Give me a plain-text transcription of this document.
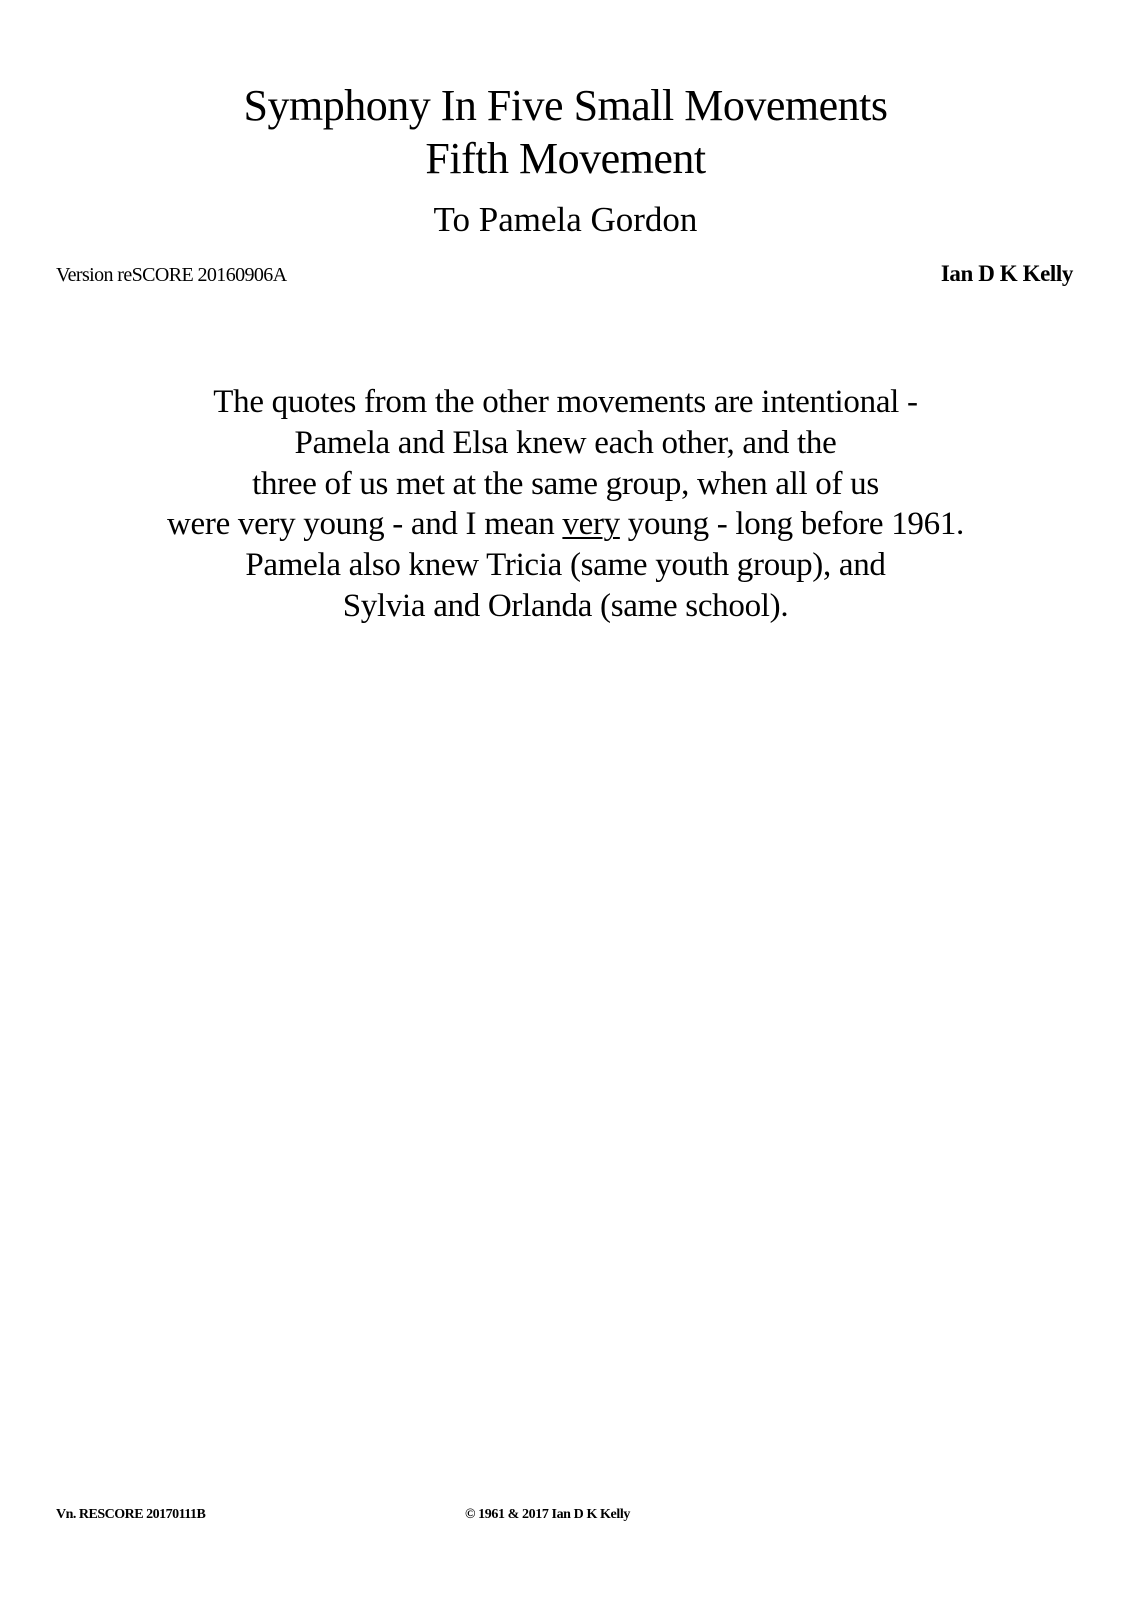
Symphony In Five Small Movements
Fifth Movement
To Pamela Gordon
Version reSCORE 20160906A	Ian D K Kelly
The quotes from the other movements are intentional -
Pamela and Elsa knew each other, and the
three of us met at the same group, when all of us
were very young - and I mean very young - long before 1961.
Pamela also knew Tricia (same youth group), and
Sylvia and Orlanda (same school).
Vn. RESCORE 20170111B	© 1961 & 2017 Ian D K Kelly
